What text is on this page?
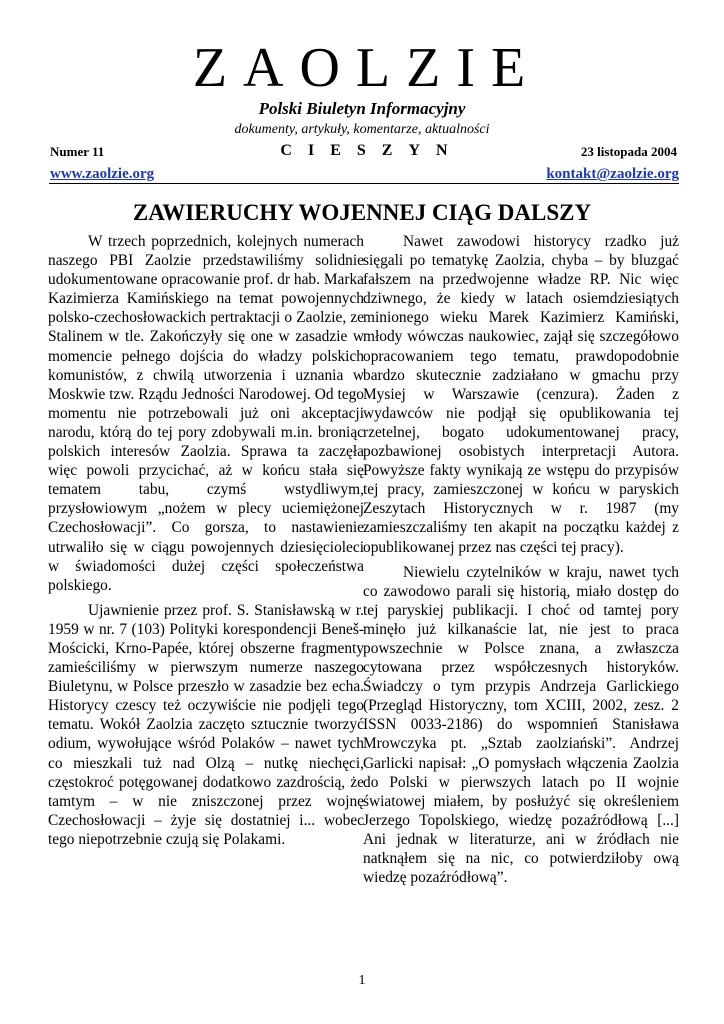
ZAOLZIE
Polski Biuletyn Informacyjny
dokumenty, artykuły, komentarze, aktualności
Numer 11	CIESZYN	23 listopada 2004
www.zaolzie.org	kontakt@zaolzie.org
ZAWIERUCHY WOJENNEJ CIĄG DALSZY

W trzech poprzednich, kolejnych numerach naszego PBI Zaolzie przedstawiliśmy solidnie udokumentowane opracowanie prof. dr hab. Marka Kazimierza Kamińskiego na temat powojennych polsko-czechosłowackich pertraktacji o Zaolzie, ze Stalinem w tle. Zakończyły się one w zasadzie w momencie pełnego dojścia do władzy polskich komunistów, z chwilą utworzenia i uznania w Moskwie tzw. Rządu Jedności Narodowej. Od tego momentu nie potrzebowali już oni akceptacji narodu, którą do tej pory zdobywali m.in. broniąc polskich interesów Zaolzia. Sprawa ta zaczęła więc powoli przycichać, aż w końcu stała się tematem tabu, czymś wstydliwym, przysłowiowym „nożem w plecy uciemiężonej Czechosłowacji”. Co gorsza, to nastawienie utrwaliło się w ciągu powojennych dziesięcioleci w świadomości dużej części społeczeństwa polskiego.

Ujawnienie przez prof. S. Stanisławską w r. 1959 w nr. 7 (103) Polityki korespondencji Beneš-Mościcki, Krno-Papée, której obszerne fragmenty zamieściliśmy w pierwszym numerze naszego Biuletynu, w Polsce przeszło w zasadzie bez echa. Historycy czescy też oczywiście nie podjęli tego tematu. Wokół Zaolzia zaczęto sztucznie tworzyć odium, wywołujące wśród Polaków – nawet tych co mieszkali tuż nad Olzą – nutkę niechęci, częstokroć potęgowanej dodatkowo zazdrością, że tamtym – w nie zniszczonej przez wojnę Czechosłowacji – żyje się dostatniej i... wobec tego niepotrzebnie czują się Polakami.

Nawet zawodowi historycy rzadko już sięgali po tematykę Zaolzia, chyba – by bluzgać fałszem na przedwojenne władze RP. Nic więc dziwnego, że kiedy w latach osiemdziesiątych minionego wieku Marek Kazimierz Kamiński, młody wówczas naukowiec, zajął się szczegółowo opracowaniem tego tematu, prawdopodobnie bardzo skutecznie zadziałano w gmachu przy Mysiej w Warszawie (cenzura). Żaden z wydawców nie podjął się opublikowania tej rzetelnej, bogato udokumentowanej pracy, pozbawionej osobistych interpretacji Autora. Powyższe fakty wynikają ze wstępu do przypisów tej pracy, zamieszczonej w końcu w paryskich Zeszytach Historycznych w r. 1987 (my zamieszczaliśmy ten akapit na początku każdej z opublikowanej przez nas części tej pracy).

Niewielu czytelników w kraju, nawet tych co zawodowo parali się historią, miało dostęp do tej paryskiej publikacji. I choć od tamtej pory minęło już kilkanaście lat, nie jest to praca powszechnie w Polsce znana, a zwłaszcza cytowana przez współczesnych historyków. Świadczy o tym przypis Andrzeja Garlickiego (Przegląd Historyczny, tom XCIII, 2002, zesz. 2 ISSN 0033-2186) do wspomnień Stanisława Mrowczyka pt. „Sztab zaolziański”. Andrzej Garlicki napisał: „O pomysłach włączenia Zaolzia do Polski w pierwszych latach po II wojnie światowej miałem, by posłużyć się określeniem Jerzego Topolskiego, wiedzę pozaźródłową [...] Ani jednak w literaturze, ani w źródłach nie natknąłem się na nic, co potwierdziłoby ową wiedzę pozaźródłową”.

1
